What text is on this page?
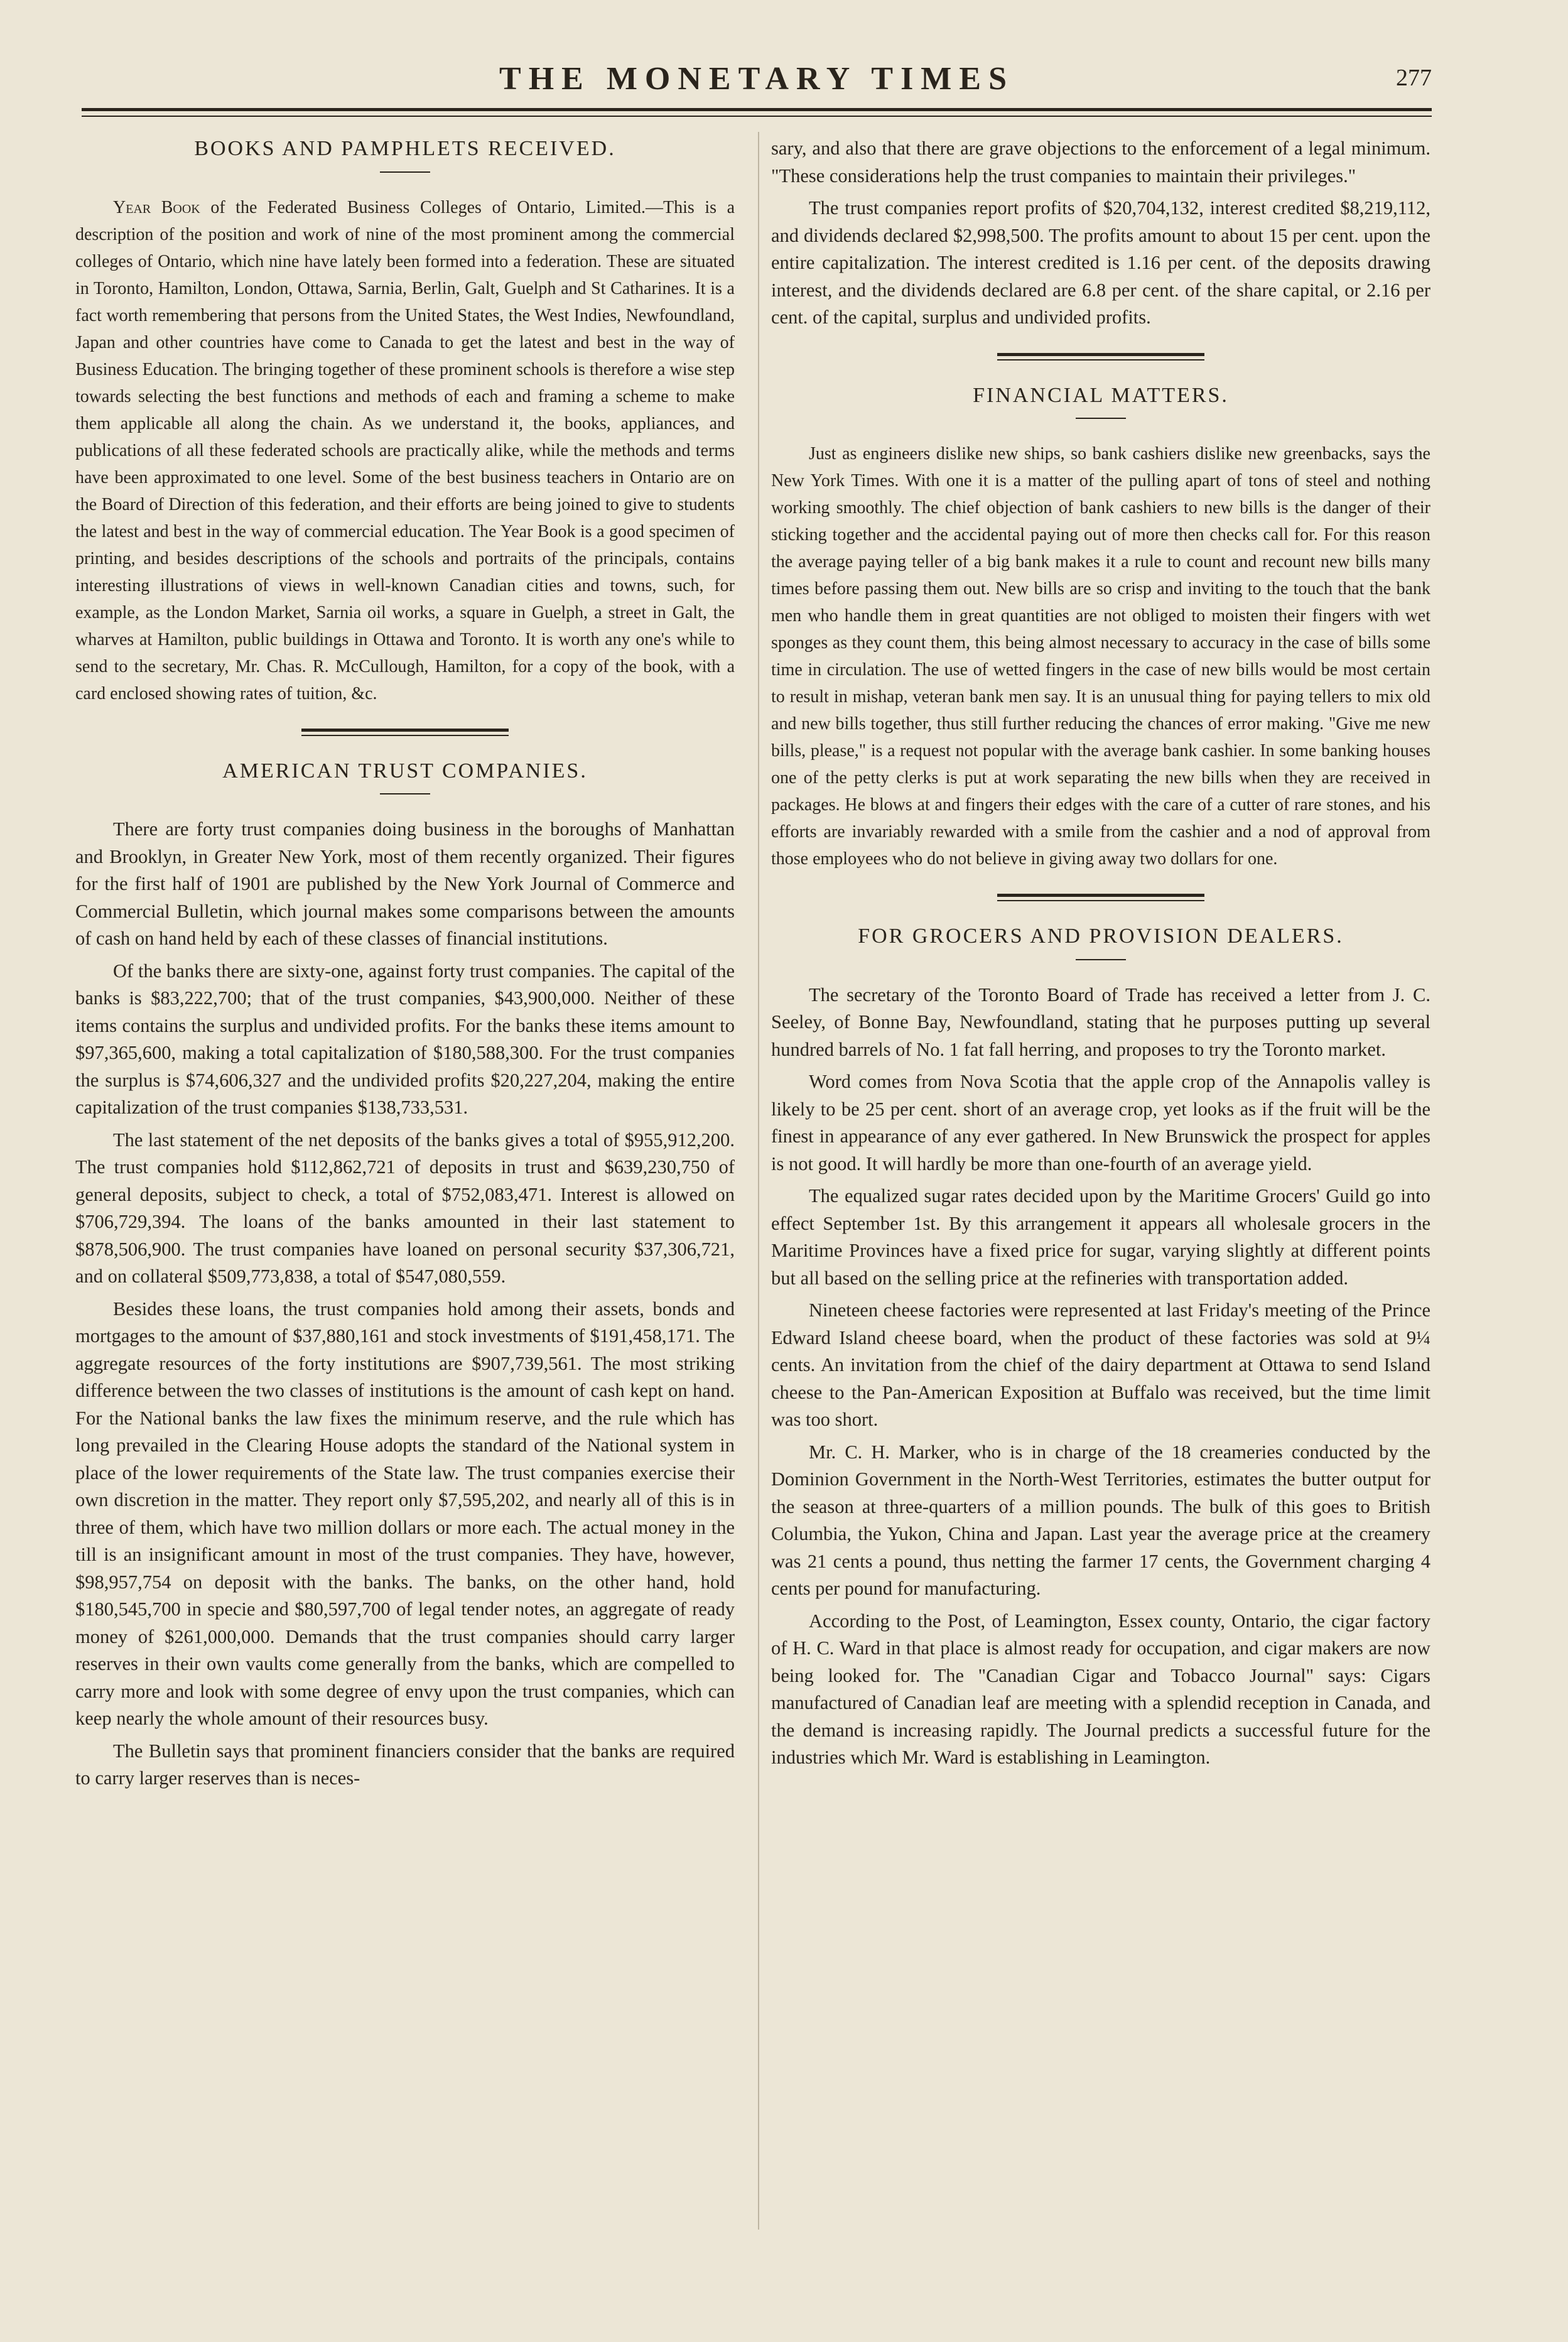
THE MONETARY TIMES	277
BOOKS AND PAMPHLETS RECEIVED.

Year Book of the Federated Business Colleges of Ontario, Limited.—This is a description of the position and work of nine of the most prominent among the commercial colleges of Ontario, which nine have lately been formed into a federation. These are situated in Toronto, Hamilton, London, Ottawa, Sarnia, Berlin, Galt, Guelph and St Catharines. It is a fact worth remembering that persons from the United States, the West Indies, Newfoundland, Japan and other countries have come to Canada to get the latest and best in the way of Business Education. The bringing together of these prominent schools is therefore a wise step towards selecting the best functions and methods of each and framing a scheme to make them applicable all along the chain. As we understand it, the books, appliances, and publications of all these federated schools are practically alike, while the methods and terms have been approximated to one level. Some of the best business teachers in Ontario are on the Board of Direction of this federation, and their efforts are being joined to give to students the latest and best in the way of commercial education. The Year Book is a good specimen of printing, and besides descriptions of the schools and portraits of the principals, contains interesting illustrations of views in well-known Canadian cities and towns, such, for example, as the London Market, Sarnia oil works, a square in Guelph, a street in Galt, the wharves at Hamilton, public buildings in Ottawa and Toronto. It is worth any one's while to send to the secretary, Mr. Chas. R. McCullough, Hamilton, for a copy of the book, with a card enclosed showing rates of tuition, &c.

AMERICAN TRUST COMPANIES.

There are forty trust companies doing business in the boroughs of Manhattan and Brooklyn, in Greater New York, most of them recently organized. Their figures for the first half of 1901 are published by the New York Journal of Commerce and Commercial Bulletin, which journal makes some comparisons between the amounts of cash on hand held by each of these classes of financial institutions.

Of the banks there are sixty-one, against forty trust companies. The capital of the banks is $83,222,700; that of the trust companies, $43,900,000. Neither of these items contains the surplus and undivided profits. For the banks these items amount to $97,365,600, making a total capitalization of $180,588,300. For the trust companies the surplus is $74,606,327 and the undivided profits $20,227,204, making the entire capitalization of the trust companies $138,733,531.

The last statement of the net deposits of the banks gives a total of $955,912,200. The trust companies hold $112,862,721 of deposits in trust and $639,230,750 of general deposits, subject to check, a total of $752,083,471. Interest is allowed on $706,729,394. The loans of the banks amounted in their last statement to $878,506,900. The trust companies have loaned on personal security $37,306,721, and on collateral $509,773,838, a total of $547,080,559.

Besides these loans, the trust companies hold among their assets, bonds and mortgages to the amount of $37,880,161 and stock investments of $191,458,171. The aggregate resources of the forty institutions are $907,739,561. The most striking difference between the two classes of institutions is the amount of cash kept on hand. For the National banks the law fixes the minimum reserve, and the rule which has long prevailed in the Clearing House adopts the standard of the National system in place of the lower requirements of the State law. The trust companies exercise their own discretion in the matter. They report only $7,595,202, and nearly all of this is in three of them, which have two million dollars or more each. The actual money in the till is an insignificant amount in most of the trust companies. They have, however, $98,957,754 on deposit with the banks. The banks, on the other hand, hold $180,545,700 in specie and $80,597,700 of legal tender notes, an aggregate of ready money of $261,000,000. Demands that the trust companies should carry larger reserves in their own vaults come generally from the banks, which are compelled to carry more and look with some degree of envy upon the trust companies, which can keep nearly the whole amount of their resources busy.

The Bulletin says that prominent financiers consider that the banks are required to carry larger reserves than is neces-

sary, and also that there are grave objections to the enforcement of a legal minimum. "These considerations help the trust companies to maintain their privileges."

The trust companies report profits of $20,704,132, interest credited $8,219,112, and dividends declared $2,998,500. The profits amount to about 15 per cent. upon the entire capitalization. The interest credited is 1.16 per cent. of the deposits drawing interest, and the dividends declared are 6.8 per cent. of the share capital, or 2.16 per cent. of the capital, surplus and undivided profits.

FINANCIAL MATTERS.

Just as engineers dislike new ships, so bank cashiers dislike new greenbacks, says the New York Times. With one it is a matter of the pulling apart of tons of steel and nothing working smoothly. The chief objection of bank cashiers to new bills is the danger of their sticking together and the accidental paying out of more then checks call for. For this reason the average paying teller of a big bank makes it a rule to count and recount new bills many times before passing them out. New bills are so crisp and inviting to the touch that the bank men who handle them in great quantities are not obliged to moisten their fingers with wet sponges as they count them, this being almost necessary to accuracy in the case of bills some time in circulation. The use of wetted fingers in the case of new bills would be most certain to result in mishap, veteran bank men say. It is an unusual thing for paying tellers to mix old and new bills together, thus still further reducing the chances of error making. "Give me new bills, please," is a request not popular with the average bank cashier. In some banking houses one of the petty clerks is put at work separating the new bills when they are received in packages. He blows at and fingers their edges with the care of a cutter of rare stones, and his efforts are invariably rewarded with a smile from the cashier and a nod of approval from those employees who do not believe in giving away two dollars for one.

FOR GROCERS AND PROVISION DEALERS.

The secretary of the Toronto Board of Trade has received a letter from J. C. Seeley, of Bonne Bay, Newfoundland, stating that he purposes putting up several hundred barrels of No. 1 fat fall herring, and proposes to try the Toronto market.

Word comes from Nova Scotia that the apple crop of the Annapolis valley is likely to be 25 per cent. short of an average crop, yet looks as if the fruit will be the finest in appearance of any ever gathered. In New Brunswick the prospect for apples is not good. It will hardly be more than one-fourth of an average yield.

The equalized sugar rates decided upon by the Maritime Grocers' Guild go into effect September 1st. By this arrangement it appears all wholesale grocers in the Maritime Provinces have a fixed price for sugar, varying slightly at different points but all based on the selling price at the refineries with transportation added.

Nineteen cheese factories were represented at last Friday's meeting of the Prince Edward Island cheese board, when the product of these factories was sold at 9¼ cents. An invitation from the chief of the dairy department at Ottawa to send Island cheese to the Pan-American Exposition at Buffalo was received, but the time limit was too short.

Mr. C. H. Marker, who is in charge of the 18 creameries conducted by the Dominion Government in the North-West Territories, estimates the butter output for the season at three-quarters of a million pounds. The bulk of this goes to British Columbia, the Yukon, China and Japan. Last year the average price at the creamery was 21 cents a pound, thus netting the farmer 17 cents, the Government charging 4 cents per pound for manufacturing.

According to the Post, of Leamington, Essex county, Ontario, the cigar factory of H. C. Ward in that place is almost ready for occupation, and cigar makers are now being looked for. The "Canadian Cigar and Tobacco Journal" says: Cigars manufactured of Canadian leaf are meeting with a splendid reception in Canada, and the demand is increasing rapidly. The Journal predicts a successful future for the industries which Mr. Ward is establishing in Leamington.
